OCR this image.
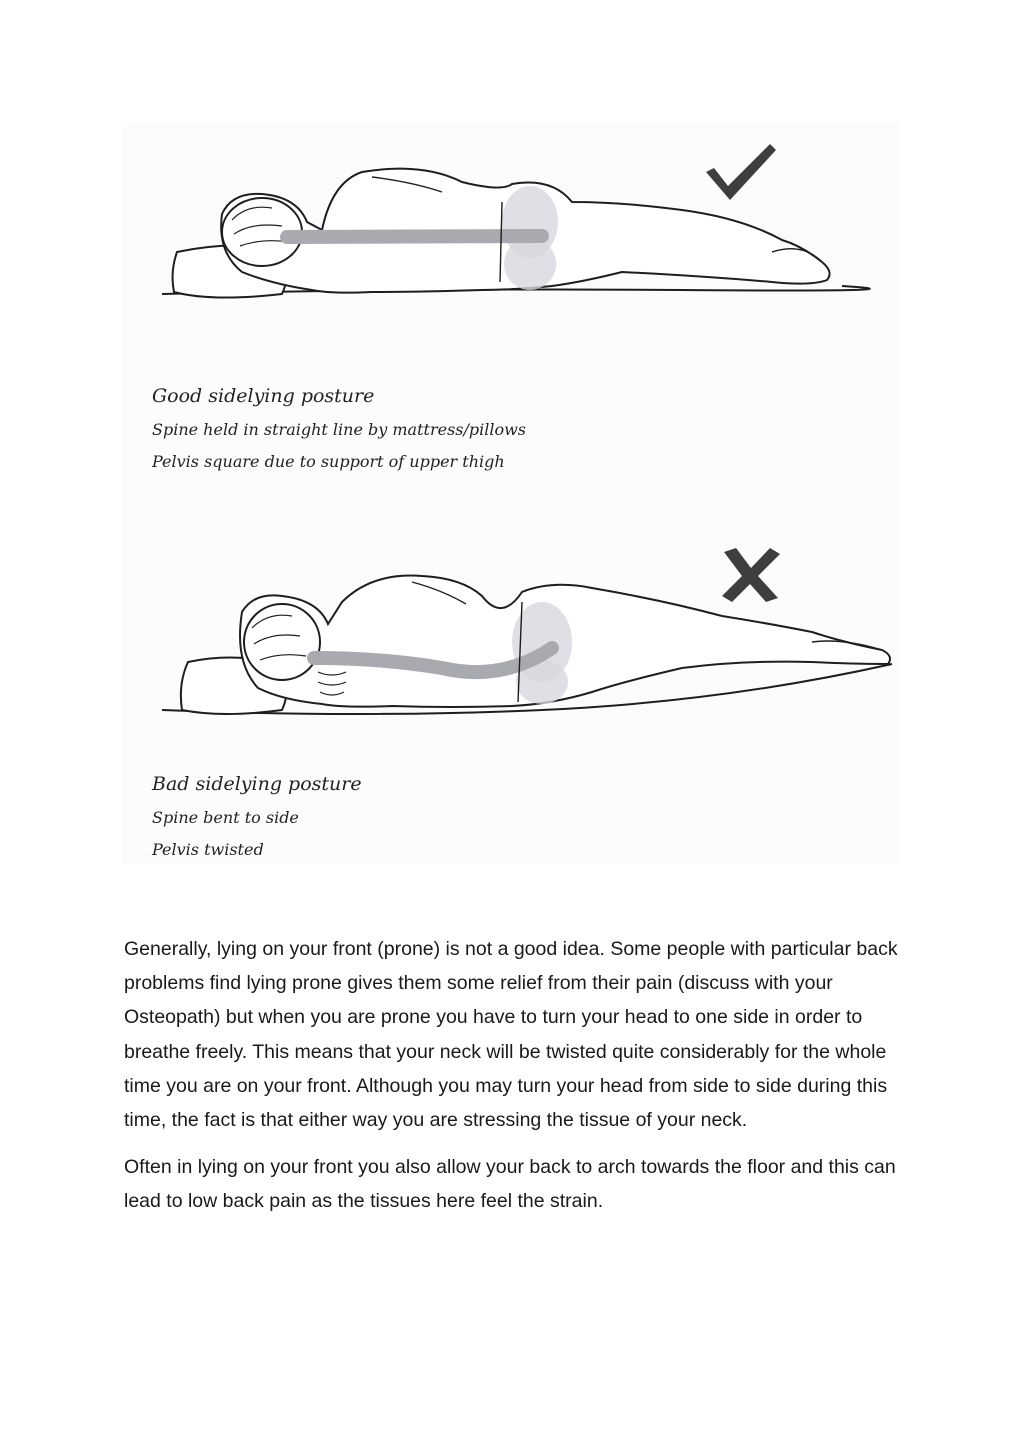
Good sidelying posture
Spine held in straight line by mattress/pillows
Pelvis square due to support of upper thigh
Bad sidelying posture
Spine bent to side
Pelvis twisted

Generally, lying on your front (prone) is not a good idea. Some people with particular back problems find lying prone gives them some relief from their pain (discuss with your Osteopath) but when you are prone you have to turn your head to one side in order to breathe freely. This means that your neck will be twisted quite considerably for the whole time you are on your front. Although you may turn your head from side to side during this time, the fact is that either way you are stressing the tissue of your neck.

Often in lying on your front you also allow your back to arch towards the floor and this can lead to low back pain as the tissues here feel the strain.
